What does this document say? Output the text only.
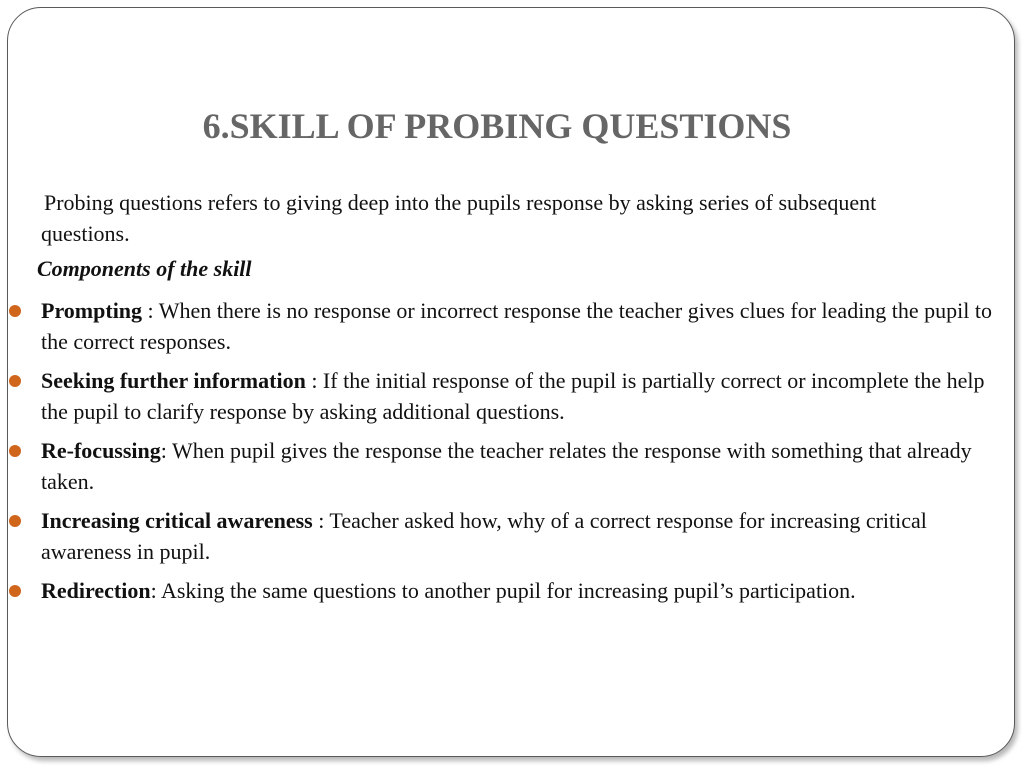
6.SKILL OF PROBING QUESTIONS

Probing questions refers to giving deep into the pupils response by asking series of subsequent
questions.

Components of the skill

Prompting : When there is no response or incorrect response the teacher gives clues for leading the pupil to the correct responses.
Seeking further information : If the initial response of the pupil is partially correct or incomplete the help the pupil to clarify response by asking additional questions.
Re-focussing: When pupil gives the response the teacher relates the response with something that already taken.
Increasing critical awareness : Teacher asked how, why of a correct response for increasing critical awareness in pupil.
Redirection: Asking the same questions to another pupil for increasing pupil’s participation.
